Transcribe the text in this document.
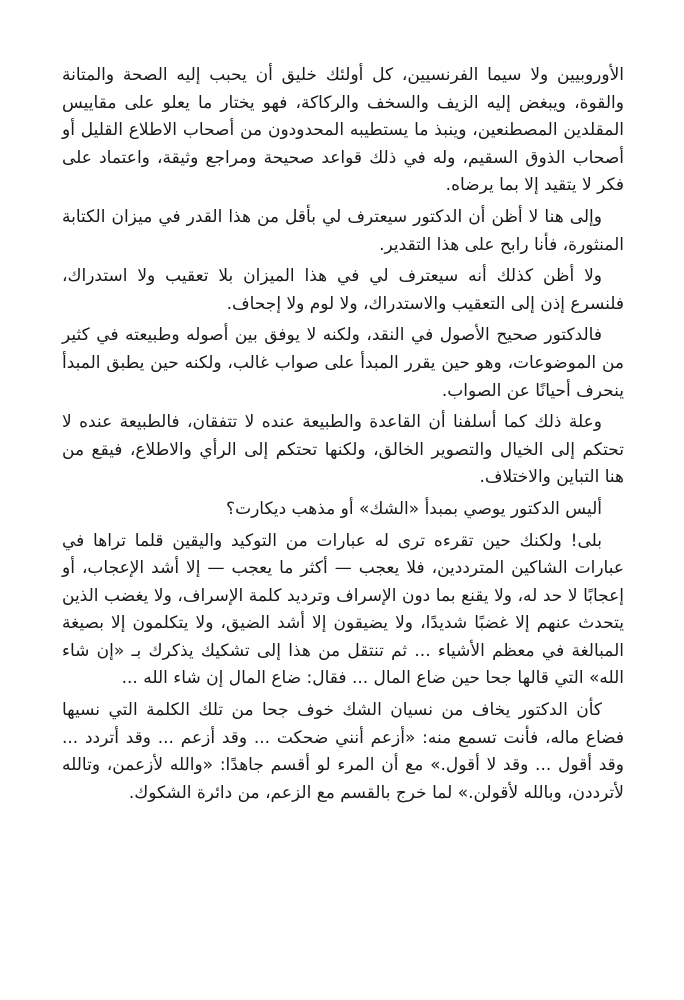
الأوروبيين ولا سيما الفرنسيين، كل أولئك خليق أن يحبب إليه الصحة والمتانة والقوة، ويبغض إليه الزيف والسخف والركاكة، فهو يختار ما يعلو على مقاييس المقلدين المصطنعين، وينبذ ما يستطيبه المحدودون من أصحاب الاطلاع القليل أو أصحاب الذوق السقيم، وله في ذلك قواعد صحيحة ومراجع وثيقة، واعتماد على فكر لا يتقيد إلا بما يرضاه.

وإلى هنا لا أظن أن الدكتور سيعترف لي بأقل من هذا القدر في ميزان الكتابة المنثورة، فأنا رابح على هذا التقدير.

ولا أظن كذلك أنه سيعترف لي في هذا الميزان بلا تعقيب ولا استدراك، فلنسرع إذن إلى التعقيب والاستدراك، ولا لوم ولا إجحاف.

فالدكتور صحيح الأصول في النقد، ولكنه لا يوفق بين أصوله وطبيعته في كثير من الموضوعات، وهو حين يقرر المبدأ على صواب غالب، ولكنه حين يطبق المبدأ ينحرف أحيانًا عن الصواب.

وعلة ذلك كما أسلفنا أن القاعدة والطبيعة عنده لا تتفقان، فالطبيعة عنده لا تحتكم إلى الخيال والتصوير الخالق، ولكنها تحتكم إلى الرأي والاطلاع، فيقع من هنا التباين والاختلاف.

أليس الدكتور يوصي بمبدأ «الشك» أو مذهب ديكارت؟

بلى! ولكنك حين تقرءه ترى له عبارات من التوكيد واليقين قلما تراها في عبارات الشاكين المترددين، فلا يعجب — أكثر ما يعجب — إلا أشد الإعجاب، أو إعجابًا لا حد له، ولا يقنع بما دون الإسراف وترديد كلمة الإسراف، ولا يغضب الذين يتحدث عنهم إلا غضبًا شديدًا، ولا يضيقون إلا أشد الضيق، ولا يتكلمون إلا بصيغة المبالغة في معظم الأشياء ... ثم تنتقل من هذا إلى تشكيك يذكرك بـ «إن شاء الله» التي قالها جحا حين ضاع المال ... فقال: ضاع المال إن شاء الله ...

كأن الدكتور يخاف من نسيان الشك خوف جحا من تلك الكلمة التي نسيها فضاع ماله، فأنت تسمع منه: «أزعم أنني ضحكت ... وقد أزعم ... وقد أتردد ... وقد أقول ... وقد لا أقول.» مع أن المرء لو أقسم جاهدًا: «والله لأزعمن، وتالله لأترددن، وبالله لأقولن.» لما خرج بالقسم مع الزعم، من دائرة الشكوك.
